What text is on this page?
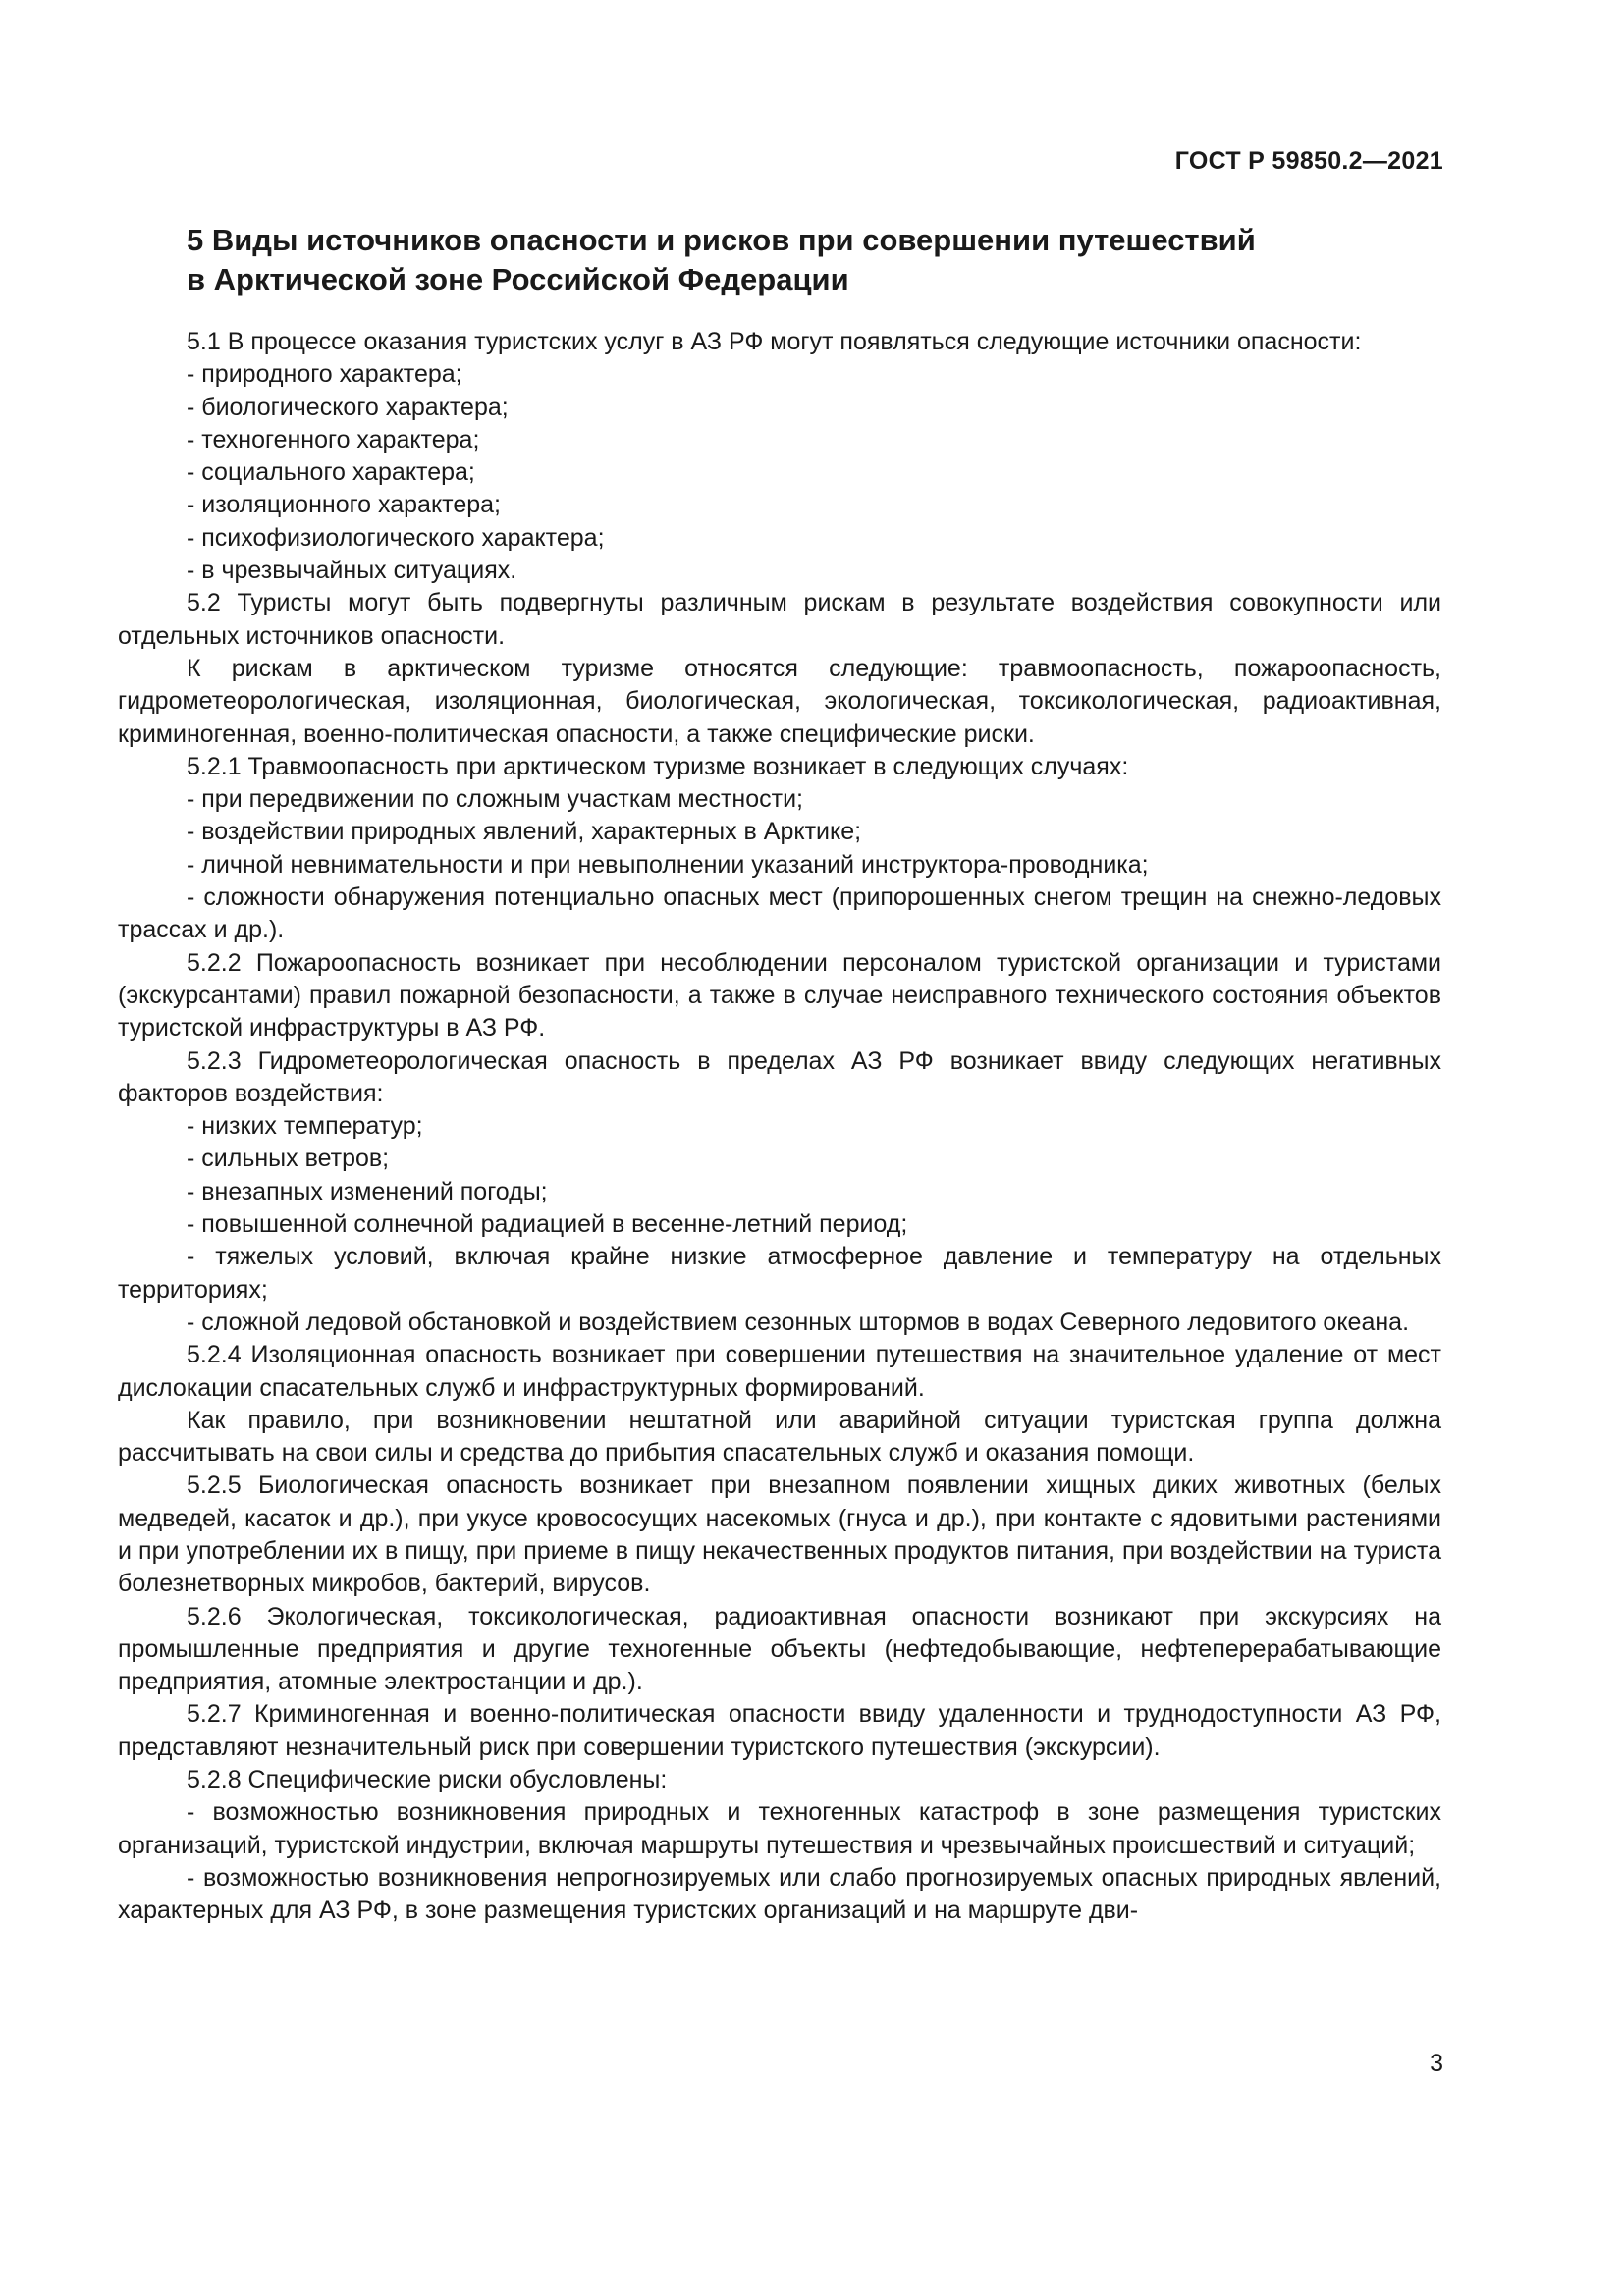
ГОСТ Р 59850.2—2021
5 Виды источников опасности и рисков при совершении путешествий
в Арктической зоне Российской Федерации

5.1 В процессе оказания туристских услуг в АЗ РФ могут появляться следующие источники опасности:

- природного характера;

- биологического характера;

- техногенного характера;

- социального характера;

- изоляционного характера;

- психофизиологического характера;

- в чрезвычайных ситуациях.

5.2 Туристы могут быть подвергнуты различным рискам в результате воздействия совокупности или отдельных источников опасности.

К рискам в арктическом туризме относятся следующие: травмоопасность, пожароопасность, гидрометеорологическая, изоляционная, биологическая, экологическая, токсикологическая, радиоактивная, криминогенная, военно-политическая опасности, а также специфические риски.

5.2.1 Травмоопасность при арктическом туризме возникает в следующих случаях:

- при передвижении по сложным участкам местности;

- воздействии природных явлений, характерных в Арктике;

- личной невнимательности и при невыполнении указаний инструктора-проводника;

- сложности обнаружения потенциально опасных мест (припорошенных снегом трещин на снежно-ледовых трассах и др.).

5.2.2 Пожароопасность возникает при несоблюдении персоналом туристской организации и туристами (экскурсантами) правил пожарной безопасности, а также в случае неисправного технического состояния объектов туристской инфраструктуры в АЗ РФ.

5.2.3 Гидрометеорологическая опасность в пределах АЗ РФ возникает ввиду следующих негативных факторов воздействия:

- низких температур;

- сильных ветров;

- внезапных изменений погоды;

- повышенной солнечной радиацией в весенне-летний период;

- тяжелых условий, включая крайне низкие атмосферное давление и температуру на отдельных территориях;

- сложной ледовой обстановкой и воздействием сезонных штормов в водах Северного ледовитого океана.

5.2.4 Изоляционная опасность возникает при совершении путешествия на значительное удаление от мест дислокации спасательных служб и инфраструктурных формирований.

Как правило, при возникновении нештатной или аварийной ситуации туристская группа должна рассчитывать на свои силы и средства до прибытия спасательных служб и оказания помощи.

5.2.5 Биологическая опасность возникает при внезапном появлении хищных диких животных (белых медведей, касаток и др.), при укусе кровососущих насекомых (гнуса и др.), при контакте с ядовитыми растениями и при употреблении их в пищу, при приеме в пищу некачественных продуктов питания, при воздействии на туриста болезнетворных микробов, бактерий, вирусов.

5.2.6 Экологическая, токсикологическая, радиоактивная опасности возникают при экскурсиях на промышленные предприятия и другие техногенные объекты (нефтедобывающие, нефтеперерабатывающие предприятия, атомные электростанции и др.).

5.2.7 Криминогенная и военно-политическая опасности ввиду удаленности и труднодоступности АЗ РФ, представляют незначительный риск при совершении туристского путешествия (экскурсии).

5.2.8 Специфические риски обусловлены:

- возможностью возникновения природных и техногенных катастроф в зоне размещения туристских организаций, туристской индустрии, включая маршруты путешествия и чрезвычайных происшествий и ситуаций;

- возможностью возникновения непрогнозируемых или слабо прогнозируемых опасных природных явлений, характерных для АЗ РФ, в зоне размещения туристских организаций и на маршруте дви-

3
